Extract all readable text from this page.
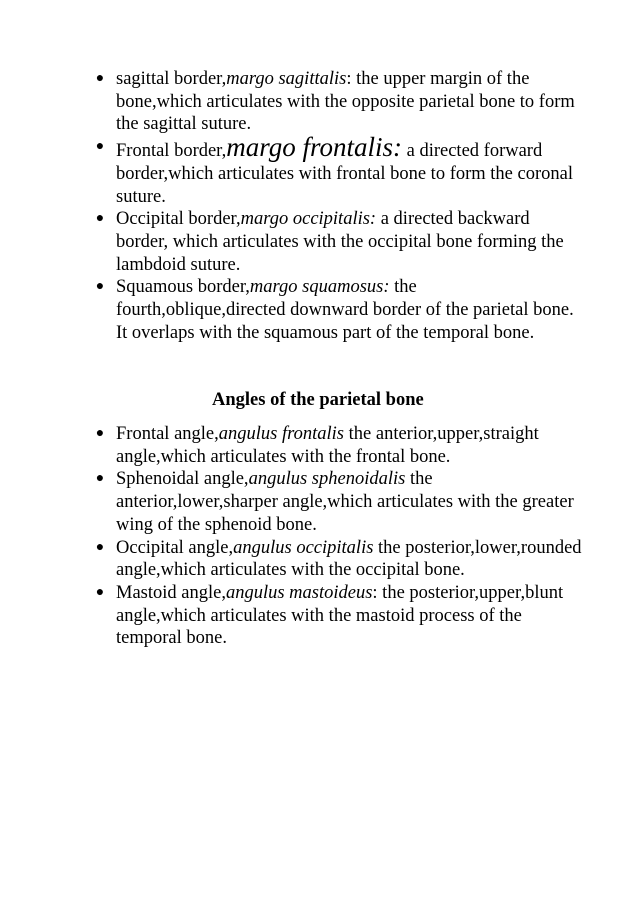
● sagittal border,margo sagittalis: the upper margin of the bone,which articulates with the opposite parietal bone to form the sagittal suture.
● Frontal border,margo frontalis: a directed forward border,which articulates with frontal bone to form the coronal suture.
● Occipital border,margo occipitalis: a directed backward border, which articulates with the occipital bone forming the lambdoid suture.
● Squamous border,margo squamosus: the fourth,oblique,directed downward border of the parietal bone. It overlaps with the squamous part of the temporal bone.
Angles of the parietal bone
● Frontal angle,angulus frontalis the anterior,upper,straight angle,which articulates with the frontal bone.
● Sphenoidal angle,angulus sphenoidalis the anterior,lower,sharper angle,which articulates with the greater wing of the sphenoid bone.
● Occipital angle,angulus occipitalis the posterior,lower,rounded angle,which articulates with the occipital bone.
● Mastoid angle,angulus mastoideus: the posterior,upper,blunt angle,which articulates with the mastoid process of the temporal bone.
